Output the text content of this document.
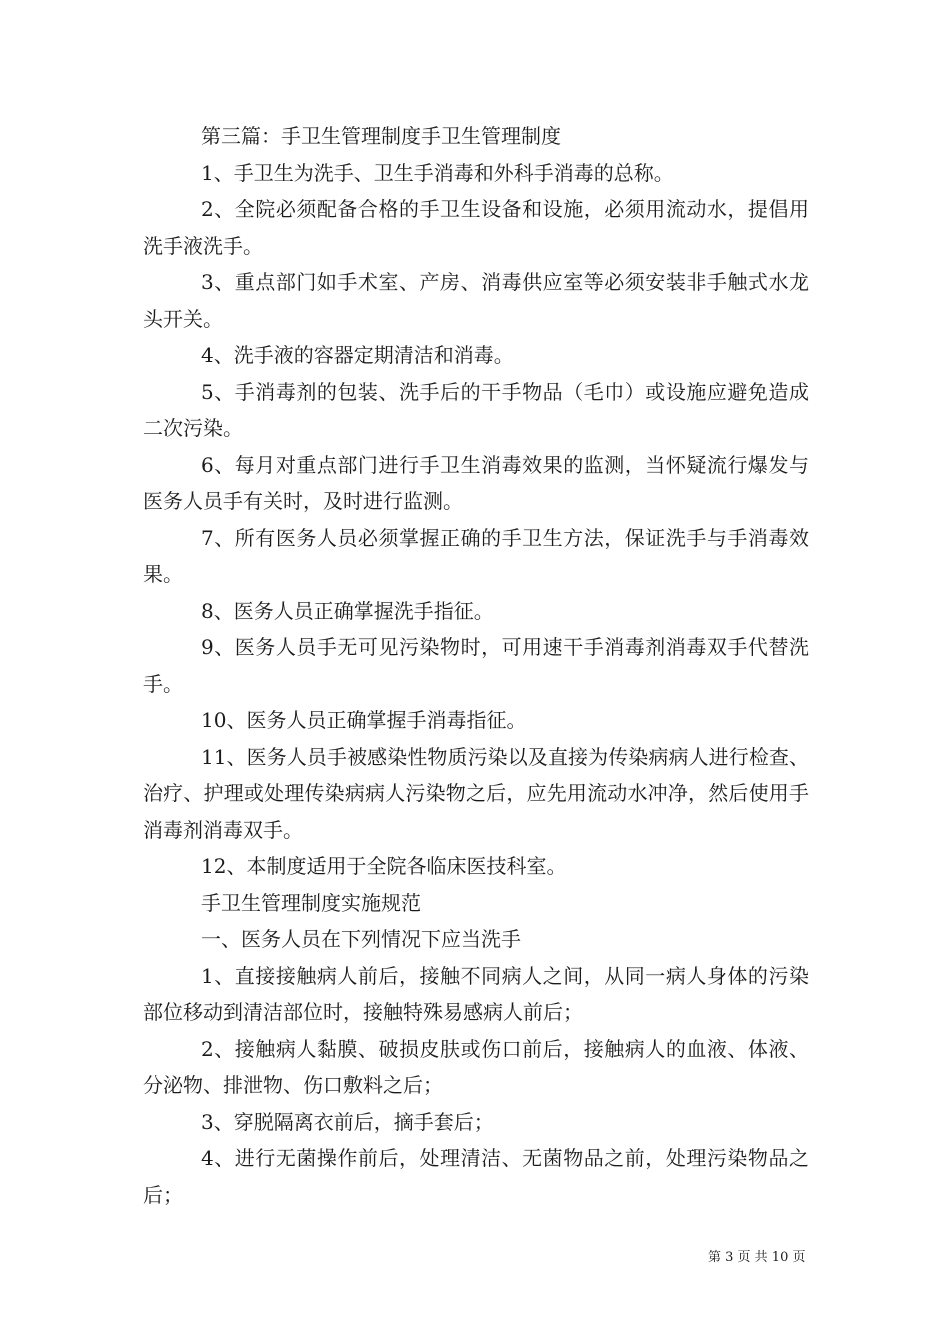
第三篇：手卫生管理制度手卫生管理制度

1、手卫生为洗手、卫生手消毒和外科手消毒的总称。

2、全院必须配备合格的手卫生设备和设施，必须用流动水，提倡用洗手液洗手。

3、重点部门如手术室、产房、消毒供应室等必须安装非手触式水龙头开关。

4、洗手液的容器定期清洁和消毒。

5、手消毒剂的包装、洗手后的干手物品（毛巾）或设施应避免造成二次污染。

6、每月对重点部门进行手卫生消毒效果的监测，当怀疑流行爆发与医务人员手有关时，及时进行监测。

7、所有医务人员必须掌握正确的手卫生方法，保证洗手与手消毒效果。

8、医务人员正确掌握洗手指征。

9、医务人员手无可见污染物时，可用速干手消毒剂消毒双手代替洗手。

10、医务人员正确掌握手消毒指征。

11、医务人员手被感染性物质污染以及直接为传染病病人进行检查、治疗、护理或处理传染病病人污染物之后，应先用流动水冲净，然后使用手消毒剂消毒双手。

12、本制度适用于全院各临床医技科室。

手卫生管理制度实施规范

一、医务人员在下列情况下应当洗手

1、直接接触病人前后，接触不同病人之间，从同一病人身体的污染部位移动到清洁部位时，接触特殊易感病人前后；

2、接触病人黏膜、破损皮肤或伤口前后，接触病人的血液、体液、分泌物、排泄物、伤口敷料之后；

3、穿脱隔离衣前后，摘手套后；

4、进行无菌操作前后，处理清洁、无菌物品之前，处理污染物品之后；

第 3 页 共 10 页
